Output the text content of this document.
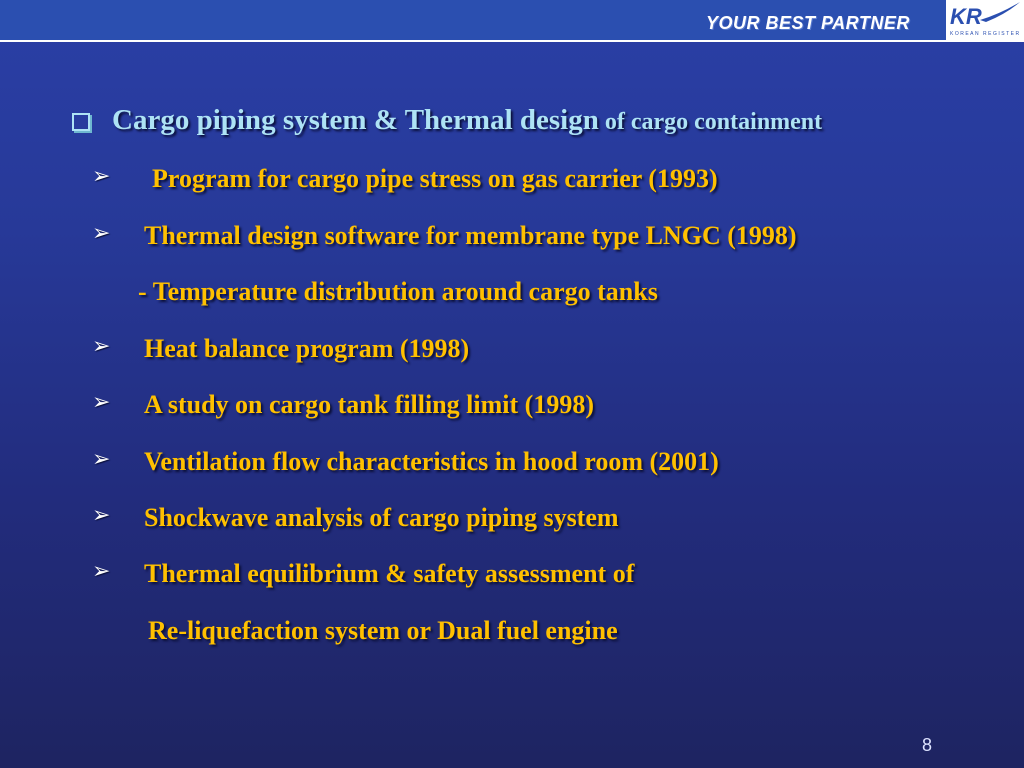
YOUR BEST PARTNER	KR
KOREAN REGISTER
Cargo piping system & Thermal design of cargo containment
➢ Program for cargo pipe stress on gas carrier (1993)
➢ Thermal design software for membrane type LNGC (1998)
- Temperature distribution around cargo tanks
➢ Heat balance program (1998)
➢ A study on cargo tank filling limit (1998)
➢ Ventilation flow characteristics in hood room (2001)
➢ Shockwave analysis of cargo piping system
➢ Thermal equilibrium & safety assessment of
Re-liquefaction system or Dual fuel engine
8
